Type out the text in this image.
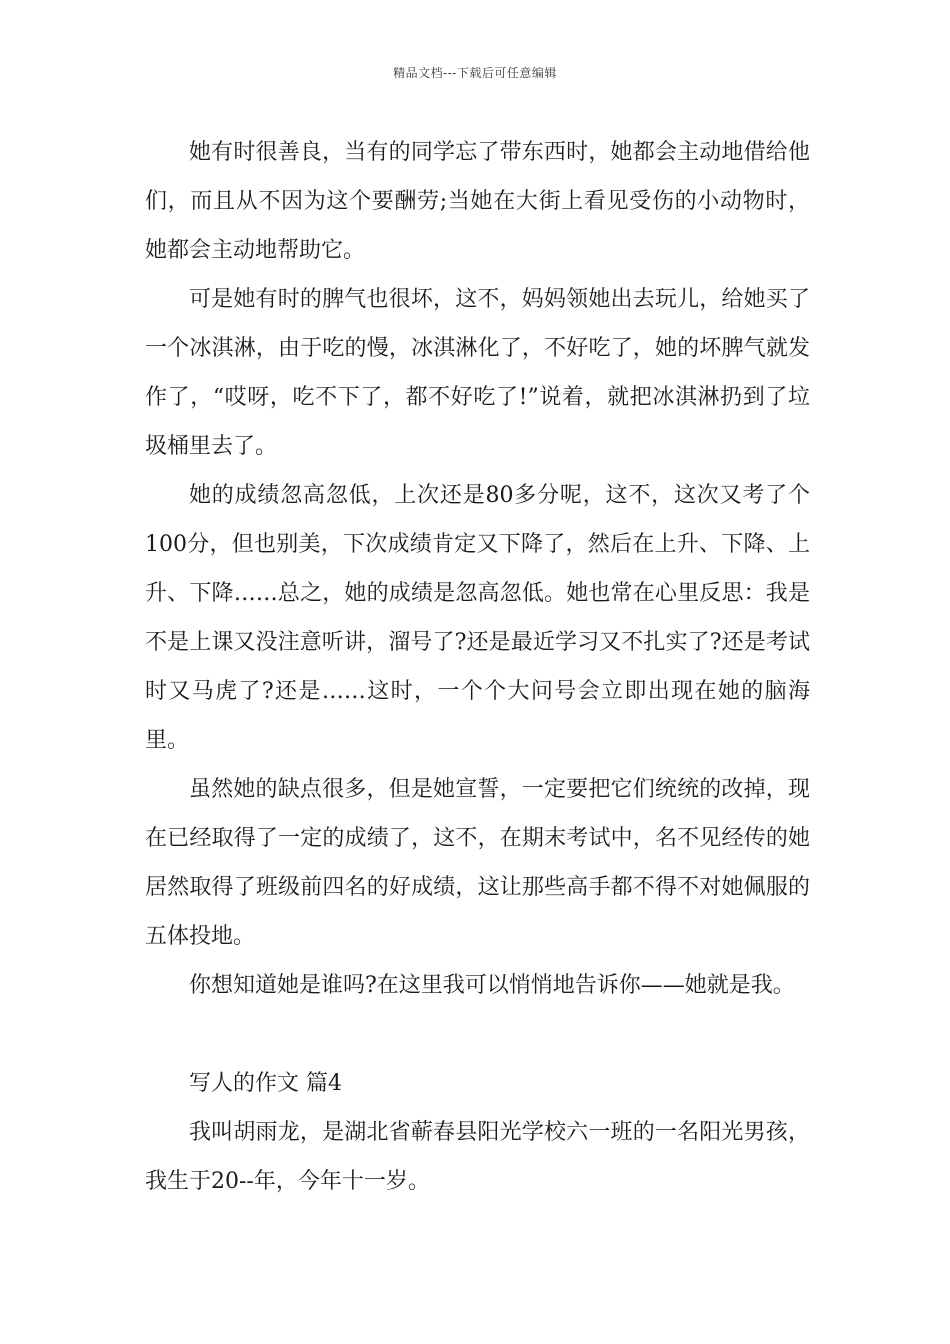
精品文档---下载后可任意编辑

她有时很善良，当有的同学忘了带东西时，她都会主动地借给他们，而且从不因为这个要酬劳;当她在大街上看见受伤的小动物时，她都会主动地帮助它。

可是她有时的脾气也很坏，这不，妈妈领她出去玩儿，给她买了一个冰淇淋，由于吃的慢，冰淇淋化了，不好吃了，她的坏脾气就发作了，“哎呀，吃不下了，都不好吃了!”说着，就把冰淇淋扔到了垃圾桶里去了。

她的成绩忽高忽低，上次还是80多分呢，这不，这次又考了个100分，但也别美，下次成绩肯定又下降了，然后在上升、下降、上升、下降……总之，她的成绩是忽高忽低。她也常在心里反思：我是不是上课又没注意听讲，溜号了?还是最近学习又不扎实了?还是考试时又马虎了?还是……这时，一个个大问号会立即出现在她的脑海里。

虽然她的缺点很多，但是她宣誓，一定要把它们统统的改掉，现在已经取得了一定的成绩了，这不，在期末考试中，名不见经传的她居然取得了班级前四名的好成绩，这让那些高手都不得不对她佩服的五体投地。

你想知道她是谁吗?在这里我可以悄悄地告诉你——她就是我。

写人的作文 篇4

我叫胡雨龙，是湖北省蕲春县阳光学校六一班的一名阳光男孩，我生于20--年，今年十一岁。
